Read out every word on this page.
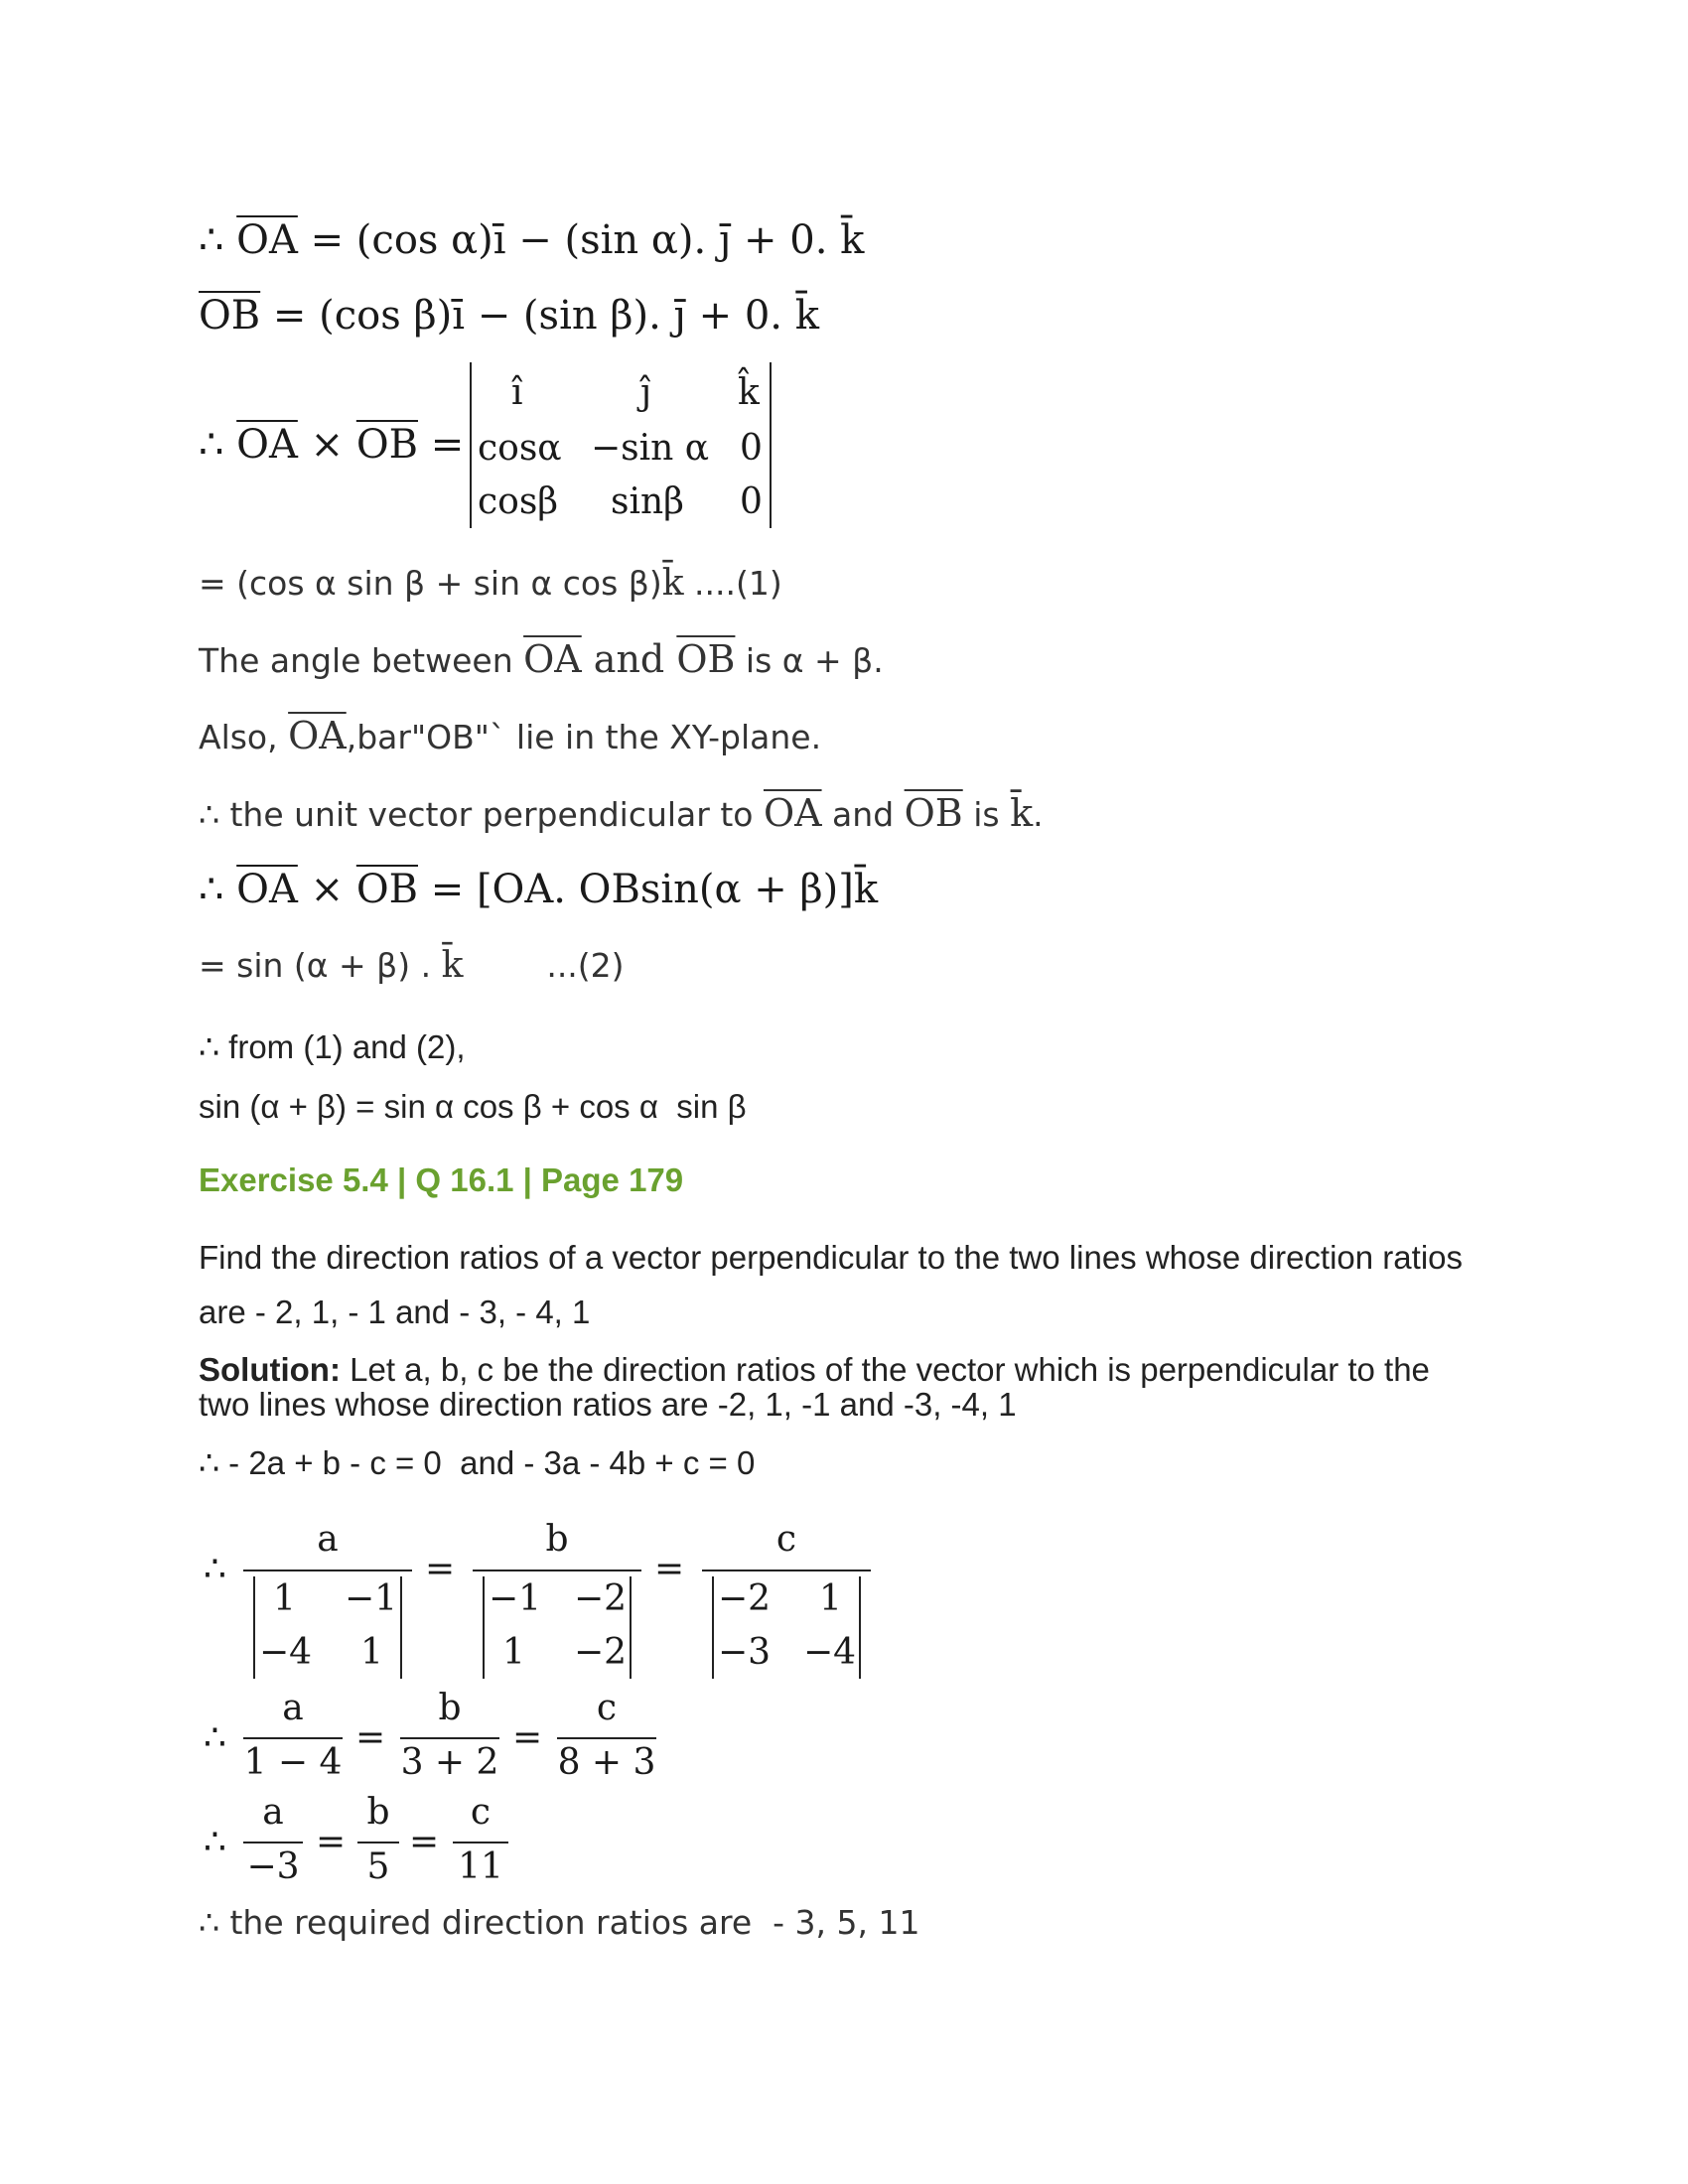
∴ $\overline{OA} = (\cos$ α)ī − (sin α). j̄ + 0. k̄
$\overline{OB} = (\cos$ β)ī − (sin β). j̄ + 0. k̄
∴ $\overline{OA} \times \overline{OB}$ =
î	ĵ k̂
cosα −sin α 0
cosβ sinβ 0
= (cos α sin β + sin α cos β)k̄ ....(1)
The angle between $\overline{OA}$ and $\overline{OB}$ is α + β.
Also, $\overline{OA},bar"OB"`$ lie in the XY-plane.
∴ the unit vector perpendicular to $\overline{OA}$ and $\overline{OB}$ is k̄.
∴ $\overline{OA} \times \overline{OB} = [OA$. OBsin(α + β)]k̄
= sin (α + β) . k̄        ...(2)
∴ from (1) and (2),
sin (α + β) = sin α cos β + cos α  sin β
Exercise 5.4 | Q 16.1 | Page 179
Find the direction ratios of a vector perpendicular to the two lines whose direction ratios
are - 2, 1, - 1 and - 3, - 4, 1
Solution: Let a, b, c be the direction ratios of the vector which is perpendicular to the
two lines whose direction ratios are -2, 1, -1 and -3, -4, 1
∴ - 2a + b - c = 0  and - 3a - 4b + c = 0
∴
a
1 −1
−4 1
=
b
−1 −2
1 −2
=
c
−2 1
−3 −4
∴
a
1 − 4
=
b
3 + 2
=
c
8 + 3
∴
a
−3
=
b
5
=
c
11
∴ the required direction ratios are  - 3, 5, 11
